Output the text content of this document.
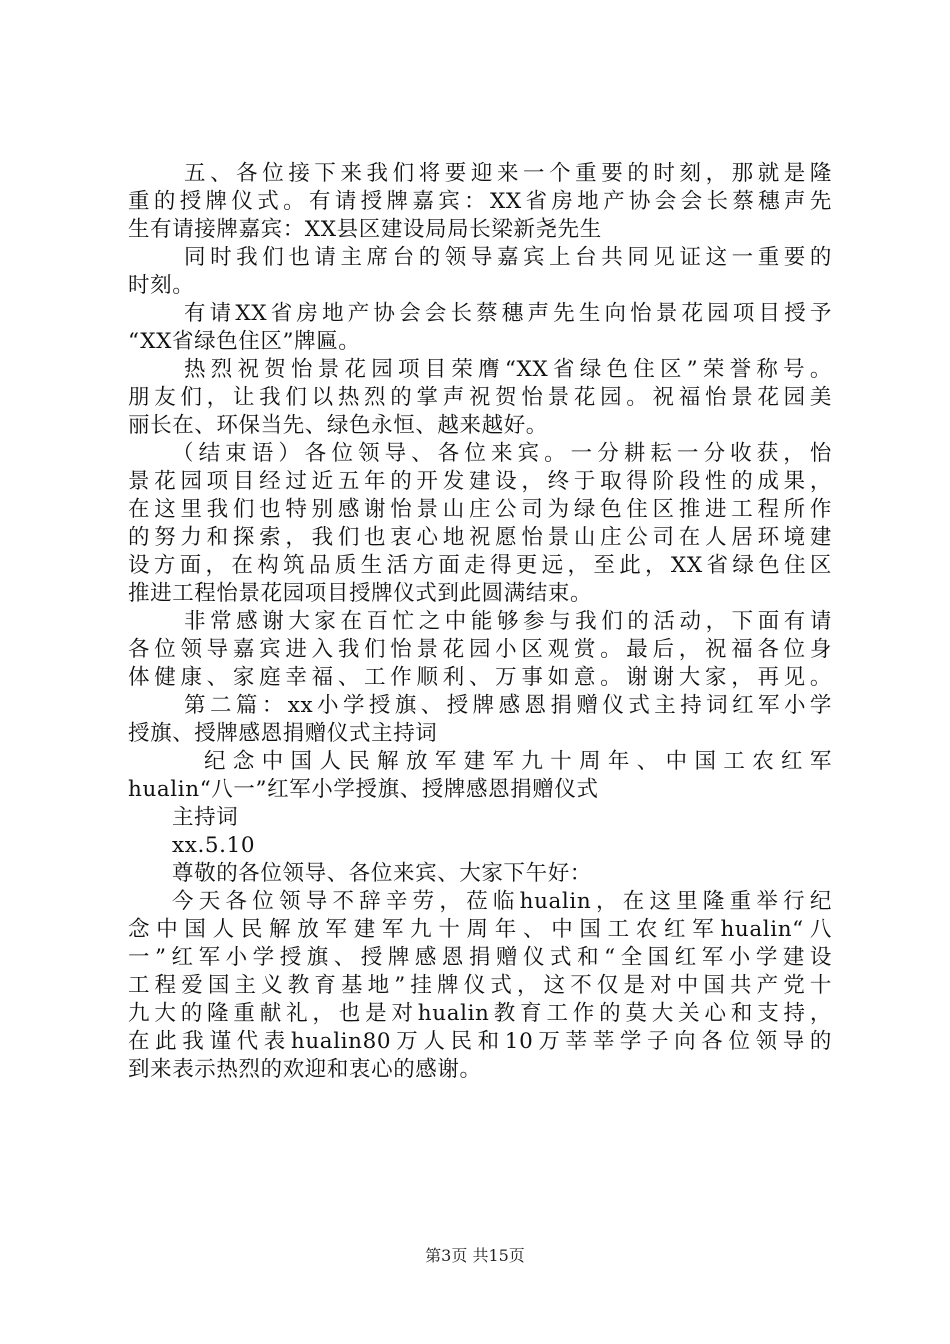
五、各位接下来我们将要迎来一个重要的时刻，那就是隆
重的授牌仪式。有请授牌嘉宾：XX省房地产协会会长蔡穗声先
生有请接牌嘉宾：XX县区建设局局长梁新尧先生
同时我们也请主席台的领导嘉宾上台共同见证这一重要的
时刻。
有请XX省房地产协会会长蔡穗声先生向怡景花园项目授予
“XX省绿色住区”牌匾。
热烈祝贺怡景花园项目荣膺“XX省绿色住区”荣誉称号。
朋友们，让我们以热烈的掌声祝贺怡景花园。祝福怡景花园美
丽长在、环保当先、绿色永恒、越来越好。
（结束语）各位领导、各位来宾。一分耕耘一分收获，怡
景花园项目经过近五年的开发建设，终于取得阶段性的成果，
在这里我们也特别感谢怡景山庄公司为绿色住区推进工程所作
的努力和探索，我们也衷心地祝愿怡景山庄公司在人居环境建
设方面，在构筑品质生活方面走得更远，至此，XX省绿色住区
推进工程怡景花园项目授牌仪式到此圆满结束。
非常感谢大家在百忙之中能够参与我们的活动，下面有请
各位领导嘉宾进入我们怡景花园小区观赏。最后，祝福各位身
体健康、家庭幸福、工作顺利、万事如意。谢谢大家，再见。
第二篇：xx小学授旗、授牌感恩捐赠仪式主持词红军小学
授旗、授牌感恩捐赠仪式主持词
纪念中国人民解放军建军九十周年、中国工农红军
hualin“八一”红军小学授旗、授牌感恩捐赠仪式
主持词
xx.5.10
尊敬的各位领导、各位来宾、大家下午好：
今天各位领导不辞辛劳，莅临hualin，在这里隆重举行纪
念中国人民解放军建军九十周年、中国工农红军hualin“八
一”红军小学授旗、授牌感恩捐赠仪式和“全国红军小学建设
工程爱国主义教育基地”挂牌仪式，这不仅是对中国共产党十
九大的隆重献礼，也是对hualin教育工作的莫大关心和支持，
在此我谨代表hualin80万人民和10万莘莘学子向各位领导的
到来表示热烈的欢迎和衷心的感谢。
第3页 共15页
